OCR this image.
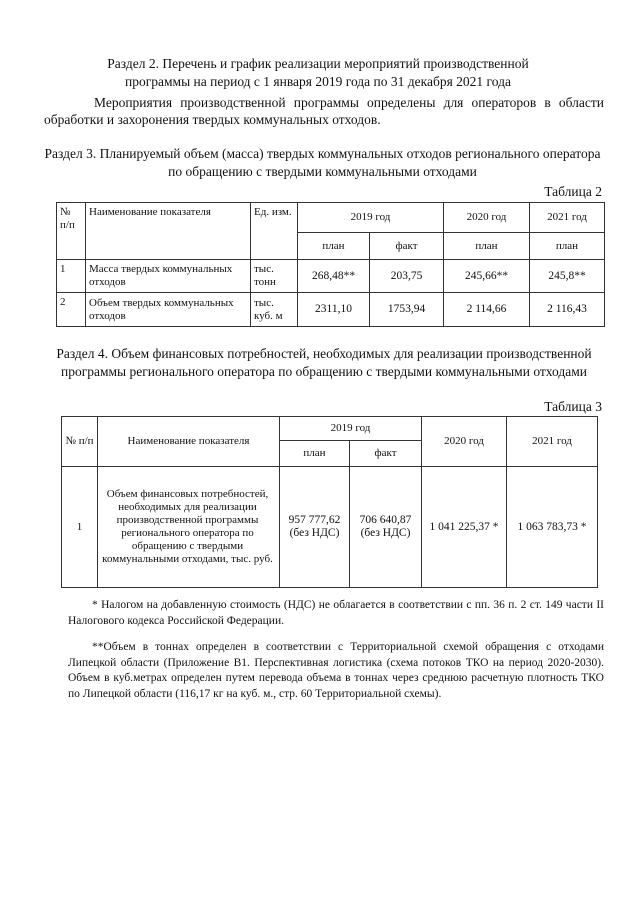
Раздел 2. Перечень и график реализации мероприятий производственной программы на период с 1 января 2019 года по 31 декабря 2021 года
Мероприятия производственной программы определены для операторов в области обработки и захоронения твердых коммунальных отходов.
Раздел 3. Планируемый объем (масса) твердых коммунальных отходов регионального оператора по обращению с твердыми коммунальными отходами
Таблица 2
№ п/п	Наименование показателя	Ед. изм.	2019 год		2020 год	2021 год
			план	факт	план	план
1	Масса твердых коммунальных отходов	тыс. тонн	268,48**	203,75	245,66**	245,8**
2	Объем твердых коммунальных отходов	тыс. куб. м	2311,10	1753,94	2 114,66	2 116,43
Раздел 4. Объем финансовых потребностей, необходимых для реализации производственной программы регионального оператора по обращению с твердыми коммунальными отходами
Таблица 3
№ п/п	Наименование показателя	2019 год		2020 год	2021 год
		план	факт		
1	Объем финансовых потребностей, необходимых для реализации производственной программы регионального оператора по обращению с твердыми коммунальными отходами, тыс. руб.	957 777,62 (без НДС)	706 640,87 (без НДС)	1 041 225,37 *	1 063 783,73 *
* Налогом на добавленную стоимость (НДС) не облагается в соответствии с пп. 36 п. 2 ст. 149 части II Налогового кодекса Российской Федерации.
**Объем в тоннах определен в соответствии с Территориальной схемой обращения с отходами Липецкой области (Приложение В1. Перспективная логистика (схема потоков ТКО на период 2020-2030). Объем в куб.метрах определен путем перевода объема в тоннах через среднюю расчетную плотность ТКО по Липецкой области (116,17 кг на куб. м., стр. 60 Территориальной схемы).
